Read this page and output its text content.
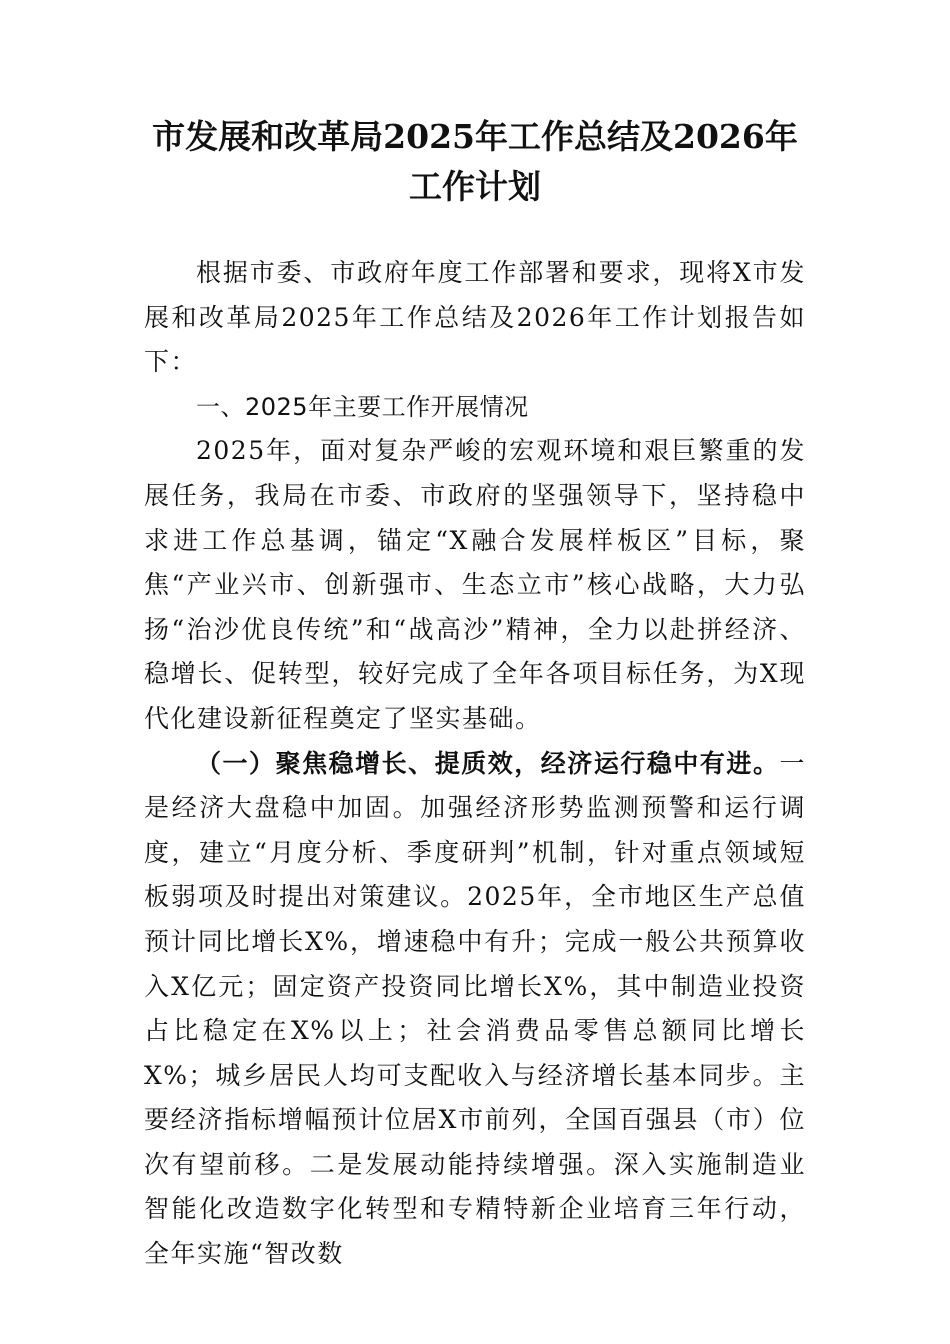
市发展和改革局2025年工作总结及2026年
工作计划

根据市委、市政府年度工作部署和要求，现将X市发展和改革局2025年工作总结及2026年工作计划报告如下：

一、2025年主要工作开展情况

2025年，面对复杂严峻的宏观环境和艰巨繁重的发展任务，我局在市委、市政府的坚强领导下，坚持稳中求进工作总基调，锚定“X融合发展样板区”目标，聚焦“产业兴市、创新强市、生态立市”核心战略，大力弘扬“治沙优良传统”和“战高沙”精神，全力以赴拼经济、稳增长、促转型，较好完成了全年各项目标任务，为X现代化建设新征程奠定了坚实基础。

（一）聚焦稳增长、提质效，经济运行稳中有进。一是经济大盘稳中加固。加强经济形势监测预警和运行调度，建立“月度分析、季度研判”机制，针对重点领域短板弱项及时提出对策建议。2025年，全市地区生产总值预计同比增长X%，增速稳中有升；完成一般公共预算收入X亿元；固定资产投资同比增长X%，其中制造业投资占比稳定在X%以上；社会消费品零售总额同比增长X%；城乡居民人均可支配收入与经济增长基本同步。主要经济指标增幅预计位居X市前列，全国百强县（市）位次有望前移。二是发展动能持续增强。深入实施制造业智能化改造数字化转型和专精特新企业培育三年行动，全年实施“智改数
